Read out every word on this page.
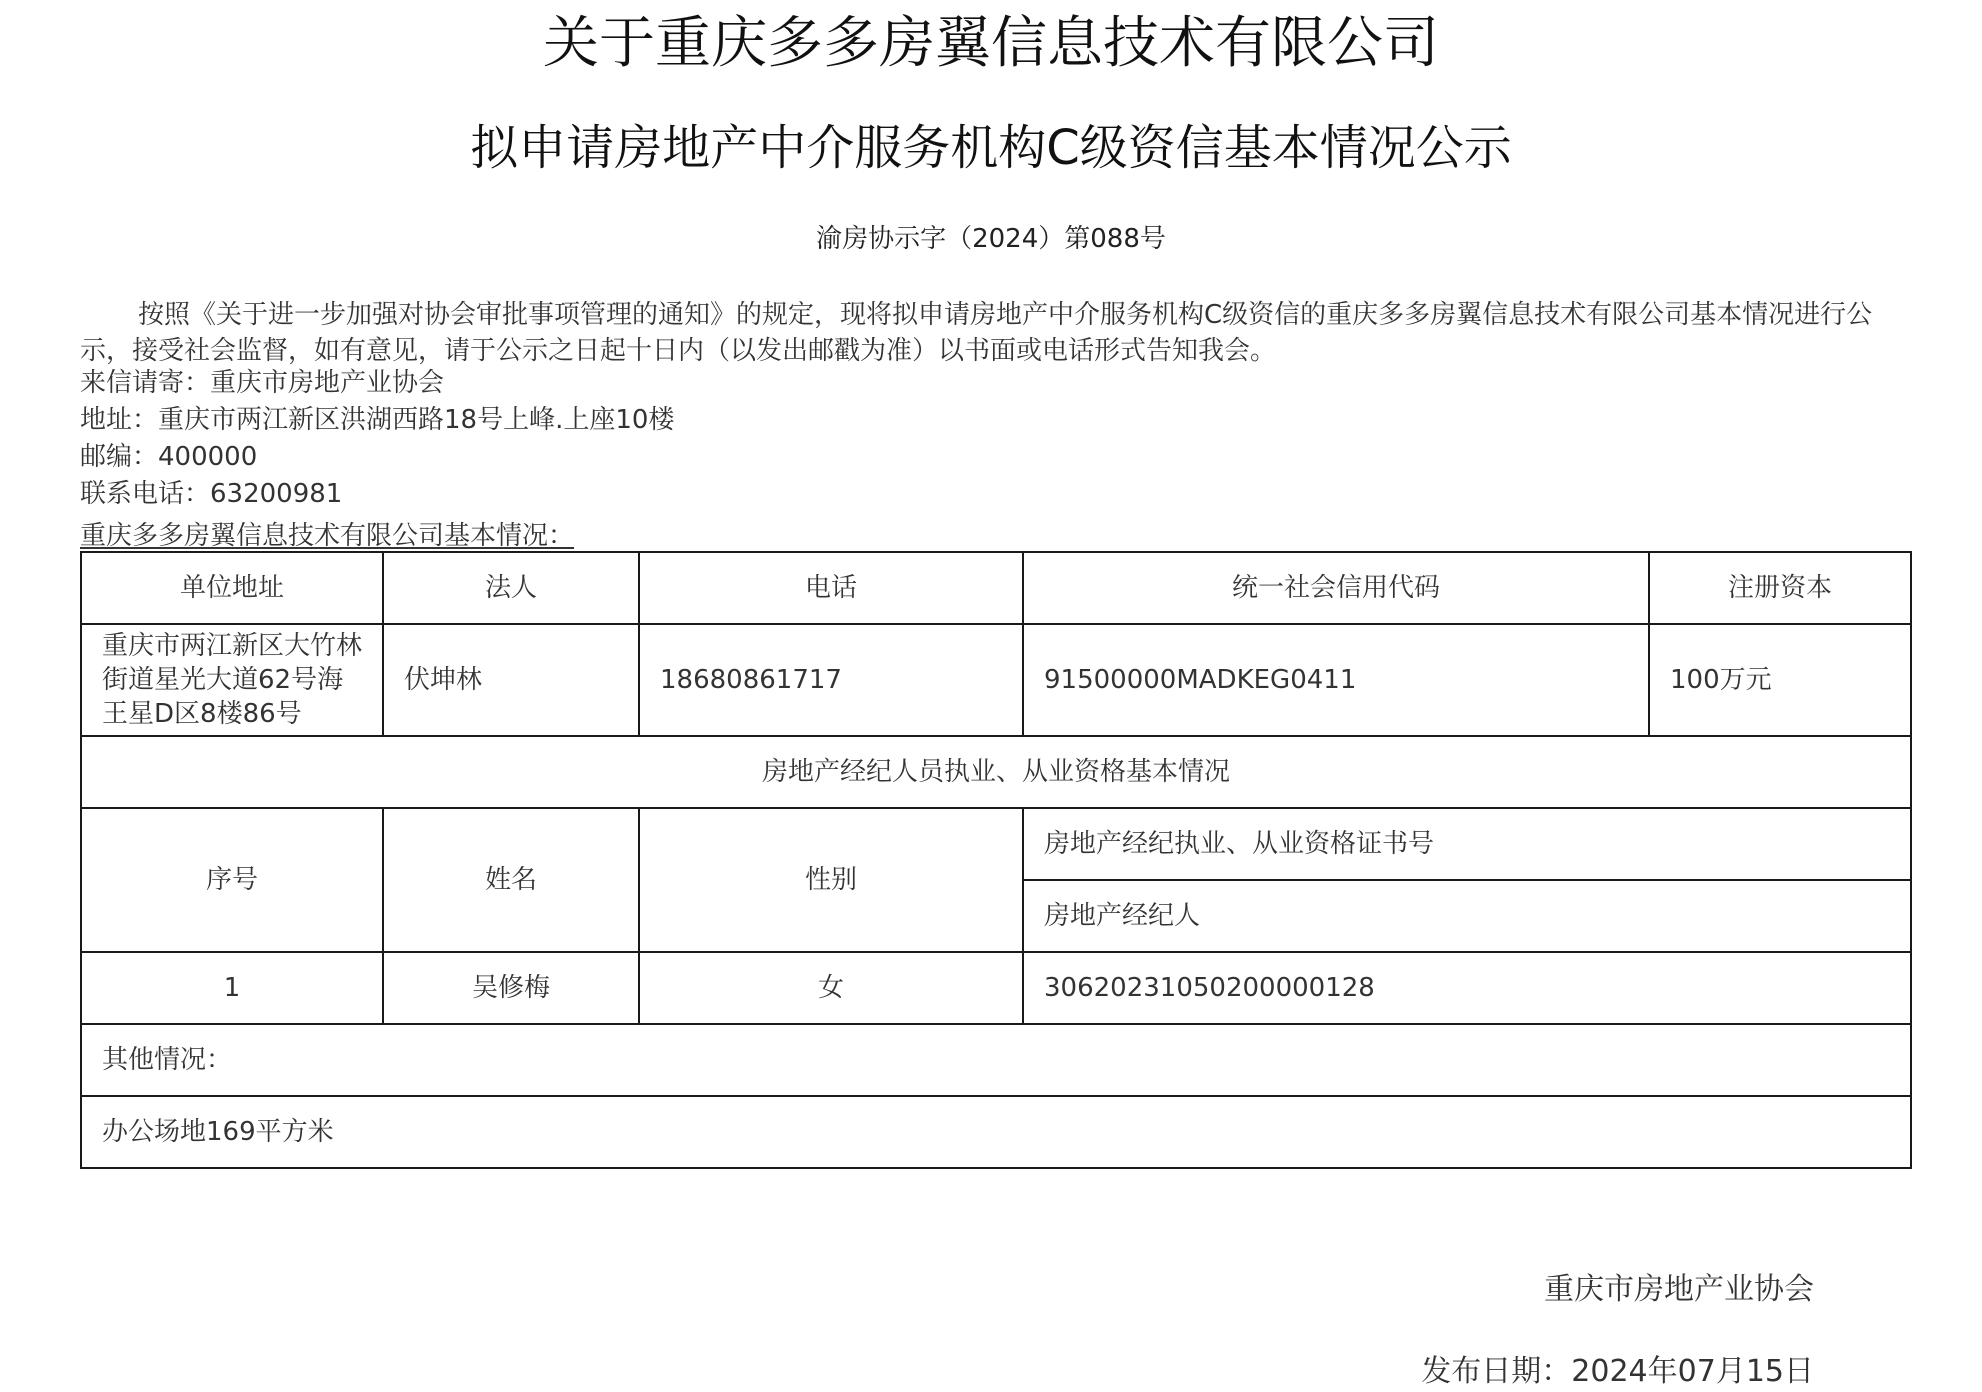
关于重庆多多房翼信息技术有限公司
拟申请房地产中介服务机构C级资信基本情况公示
渝房协示字（2024）第088号
按照《关于进一步加强对协会审批事项管理的通知》的规定，现将拟申请房地产中介服务机构C级资信的重庆多多房翼信息技术有限公司基本情况进行公示，接受社会监督，如有意见，请于公示之日起十日内（以发出邮戳为准）以书面或电话形式告知我会。
来信请寄：重庆市房地产业协会
地址：重庆市两江新区洪湖西路18号上峰.上座10楼
邮编：400000
联系电话：63200981
重庆多多房翼信息技术有限公司基本情况：
单位地址	法人	电话	统一社会信用代码	注册资本
重庆市两江新区大竹林街道星光大道62号海王星D区8楼86号	伏坤林	18680861717	91500000MADKEG0411	100万元
房地产经纪人员执业、从业资格基本情况				
序号	姓名	性别	房地产经纪执业、从业资格证书号	
			房地产经纪人	
1	吴修梅	女	30620231050200000128	
其他情况：				
办公场地169平方米				
重庆市房地产业协会
发布日期：2024年07月15日
